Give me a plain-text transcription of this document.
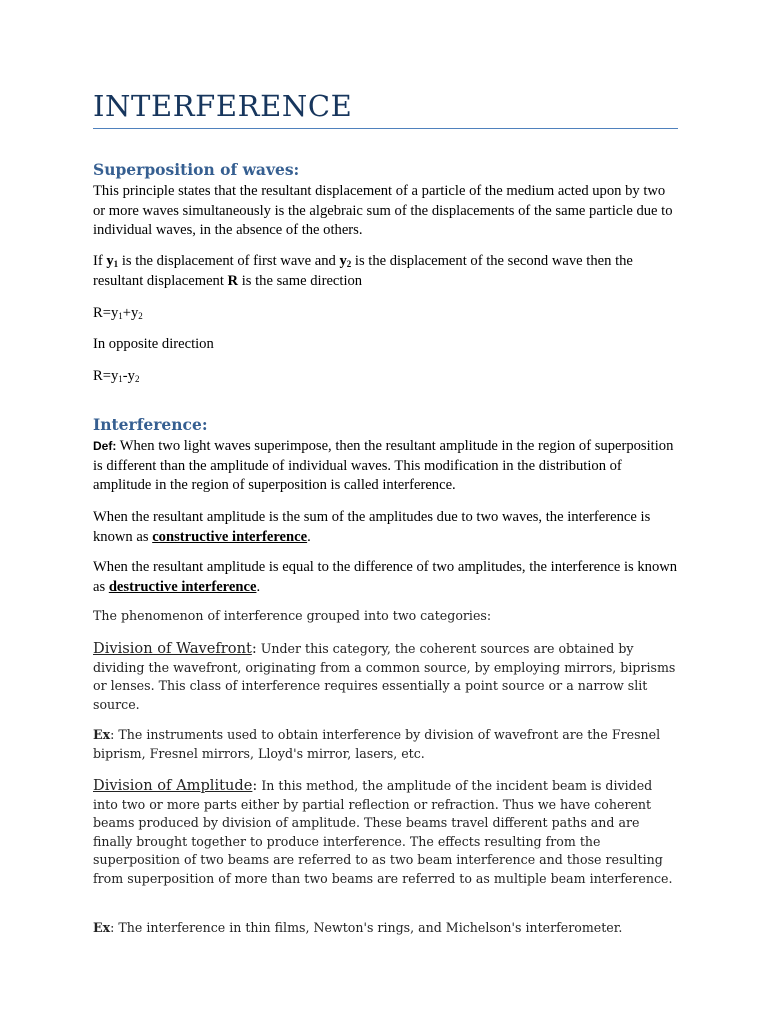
INTERFERENCE
Superposition of waves:

This principle states that the resultant displacement of a particle of the medium acted upon by two or more waves simultaneously is the algebraic sum of the displacements of the same particle due to individual waves, in the absence of the others.

If $y_1$ is the displacement of first wave and $y_2$ is the displacement of the second wave then the resultant displacement R is the same direction

$R=y_1+y_2$

In opposite direction

$R=y_1-y_2$

Interference:

Def: When two light waves superimpose, then the resultant amplitude in the region of superposition is different than the amplitude of individual waves. This modification in the distribution of amplitude in the region of superposition is called interference.

When the resultant amplitude is the sum of the amplitudes due to two waves, the interference is known as constructive interference.

When the resultant amplitude is equal to the difference of two amplitudes, the interference is known as destructive interference.

The phenomenon of interference grouped into two categories:

Division of Wavefront: Under this category, the coherent sources are obtained by dividing the wavefront, originating from a common source, by employing mirrors, biprisms or lenses. This class of interference requires essentially a point source or a narrow slit source.

Ex: The instruments used to obtain interference by division of wavefront are the Fresnel biprism, Fresnel mirrors, Lloyd's mirror, lasers, etc.

Division of Amplitude: In this method, the amplitude of the incident beam is divided into two or more parts either by partial reflection or refraction. Thus we have coherent beams produced by division of amplitude. These beams travel different paths and are finally brought together to produce interference. The effects resulting from the superposition of two beams are referred to as two beam interference and those resulting from superposition of more than two beams are referred to as multiple beam interference.

Ex: The interference in thin films, Newton's rings, and Michelson's interferometer.
